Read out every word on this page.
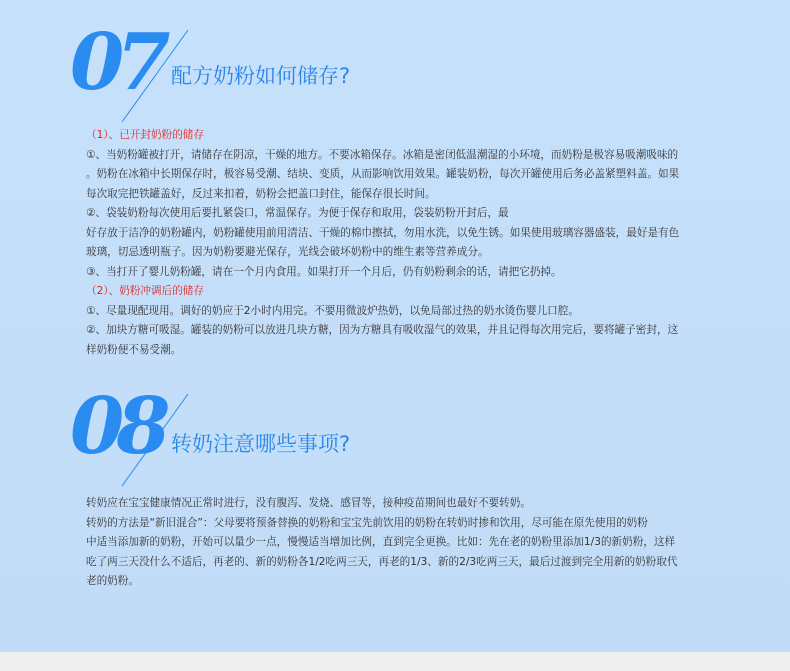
07 配方奶粉如何储存?
（1）、已开封奶粉的储存
①、当奶粉罐被打开，请储存在阴凉，干燥的地方。不要冰箱保存。冰箱是密闭低温潮湿的小环境，而奶粉是极容易吸潮吸味的
。奶粉在冰箱中长期保存时，极容易受潮、结块、变质，从而影响饮用效果。罐装奶粉，每次开罐使用后务必盖紧塑料盖。如果
每次取完把铁罐盖好，反过来扣着，奶粉会把盖口封住，能保存很长时间。
②、袋装奶粉每次使用后要扎紧袋口，常温保存。为便于保存和取用，袋装奶粉开封后，最
好存放于洁净的奶粉罐内，奶粉罐使用前用清洁、干燥的棉巾擦拭，勿用水洗，以免生锈。如果使用玻璃容器盛装，最好是有色
玻璃，切忌透明瓶子。因为奶粉要避光保存，光线会破坏奶粉中的维生素等营养成分。
③、当打开了婴儿奶粉罐，请在一个月内食用。如果打开一个月后，仍有奶粉剩余的话，请把它扔掉。
（2）、奶粉冲调后的储存
①、尽量现配现用。调好的奶应于2小时内用完。不要用微波炉热奶，以免局部过热的奶水烫伤婴儿口腔。
②、加块方糖可吸湿。罐装的奶粉可以放进几块方糖，因为方糖具有吸收湿气的效果，并且记得每次用完后，要将罐子密封，这
样奶粉便不易受潮。
08 转奶注意哪些事项?
转奶应在宝宝健康情况正常时进行，没有腹泻、发烧、感冒等，接种疫苗期间也最好不要转奶。
转奶的方法是“新旧混合”：父母要将预备替换的奶粉和宝宝先前饮用的奶粉在转奶时掺和饮用，尽可能在原先使用的奶粉
中适当添加新的奶粉，开始可以量少一点，慢慢适当增加比例，直到完全更换。比如：先在老的奶粉里添加1/3的新奶粉，这样
吃了两三天没什么不适后，再老的、新的奶粉各1/2吃两三天，再老的1/3、新的2/3吃两三天，最后过渡到完全用新的奶粉取代
老的奶粉。
